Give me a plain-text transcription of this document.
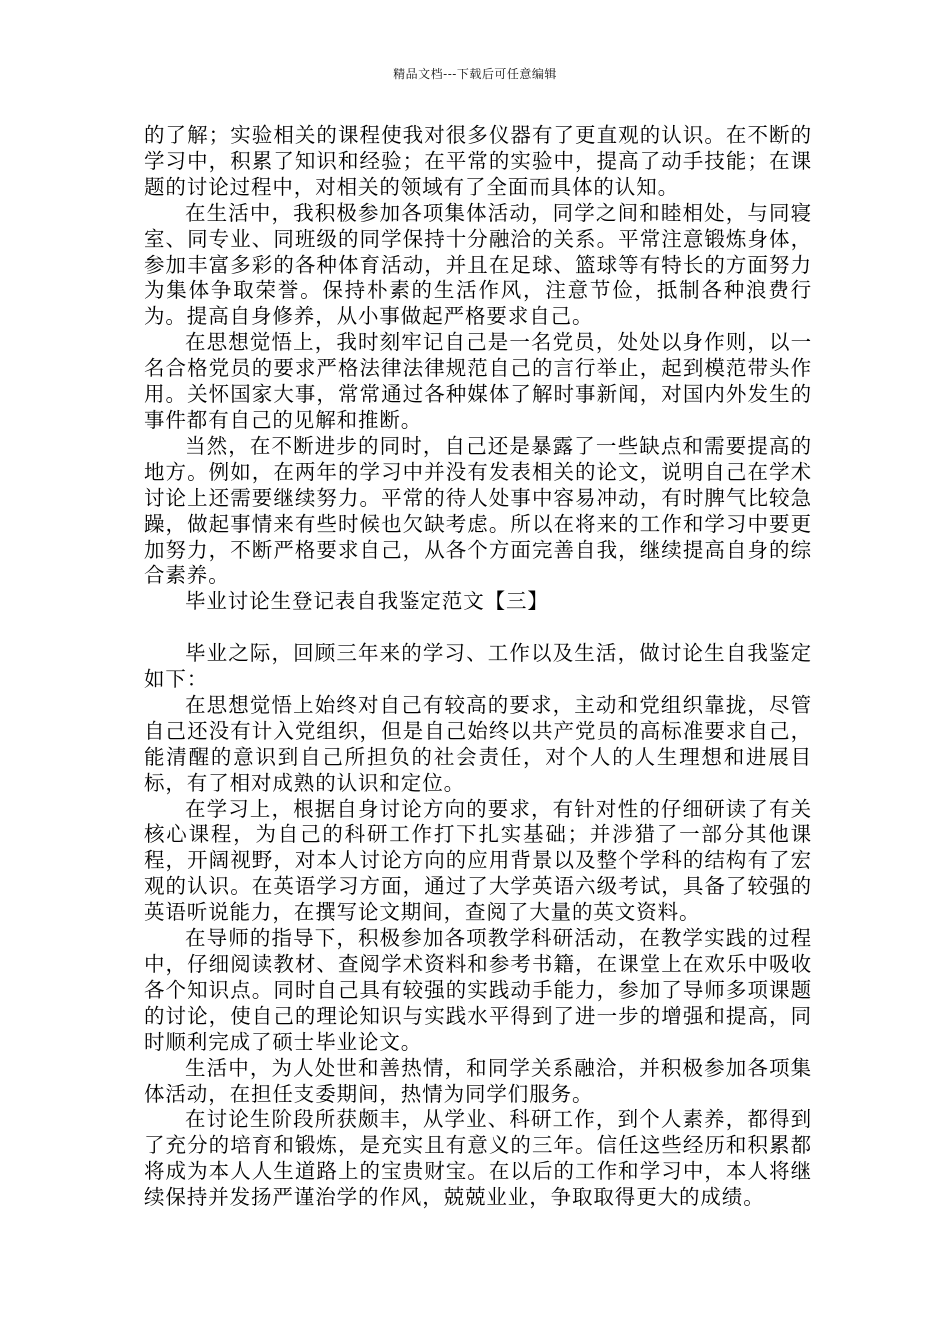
精品文档---下载后可任意编辑

的了解；实验相关的课程使我对很多仪器有了更直观的认识。在不断的学习中，积累了知识和经验；在平常的实验中，提高了动手技能；在课题的讨论过程中，对相关的领域有了全面而具体的认知。

在生活中，我积极参加各项集体活动，同学之间和睦相处，与同寝室、同专业、同班级的同学保持十分融洽的关系。平常注意锻炼身体，参加丰富多彩的各种体育活动，并且在足球、篮球等有特长的方面努力为集体争取荣誉。保持朴素的生活作风，注意节俭，抵制各种浪费行为。提高自身修养，从小事做起严格要求自己。

在思想觉悟上，我时刻牢记自己是一名党员，处处以身作则，以一名合格党员的要求严格法律法律规范自己的言行举止，起到模范带头作用。关怀国家大事，常常通过各种媒体了解时事新闻，对国内外发生的事件都有自己的见解和推断。

当然，在不断进步的同时，自己还是暴露了一些缺点和需要提高的地方。例如，在两年的学习中并没有发表相关的论文，说明自己在学术讨论上还需要继续努力。平常的待人处事中容易冲动，有时脾气比较急躁，做起事情来有些时候也欠缺考虑。所以在将来的工作和学习中要更加努力，不断严格要求自己，从各个方面完善自我，继续提高自身的综合素养。

毕业讨论生登记表自我鉴定范文【三】

毕业之际，回顾三年来的学习、工作以及生活，做讨论生自我鉴定如下：

在思想觉悟上始终对自己有较高的要求，主动和党组织靠拢，尽管自己还没有计入党组织，但是自己始终以共产党员的高标准要求自己，能清醒的意识到自己所担负的社会责任，对个人的人生理想和进展目标，有了相对成熟的认识和定位。

在学习上，根据自身讨论方向的要求，有针对性的仔细研读了有关核心课程，为自己的科研工作打下扎实基础；并涉猎了一部分其他课程，开阔视野，对本人讨论方向的应用背景以及整个学科的结构有了宏观的认识。在英语学习方面，通过了大学英语六级考试，具备了较强的英语听说能力，在撰写论文期间，查阅了大量的英文资料。

在导师的指导下，积极参加各项教学科研活动，在教学实践的过程中，仔细阅读教材、查阅学术资料和参考书籍，在课堂上在欢乐中吸收各个知识点。同时自己具有较强的实践动手能力，参加了导师多项课题的讨论，使自己的理论知识与实践水平得到了进一步的增强和提高，同时顺利完成了硕士毕业论文。

生活中，为人处世和善热情，和同学关系融洽，并积极参加各项集体活动，在担任支委期间，热情为同学们服务。

在讨论生阶段所获颇丰，从学业、科研工作，到个人素养，都得到了充分的培育和锻炼，是充实且有意义的三年。信任这些经历和积累都将成为本人人生道路上的宝贵财宝。在以后的工作和学习中，本人将继续保持并发扬严谨治学的作风，兢兢业业，争取取得更大的成绩。
